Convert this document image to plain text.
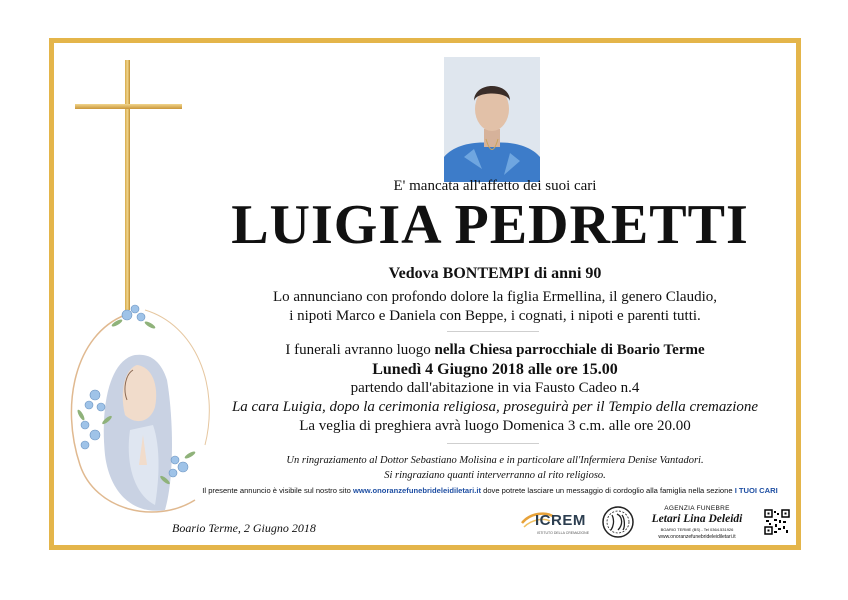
E' mancata all'affetto dei suoi cari
LUIGIA PEDRETTI
Vedova BONTEMPI di anni 90
Lo annunciano con profondo dolore la figlia Ermellina, il genero Claudio,
i nipoti Marco e Daniela con Beppe, i cognati, i nipoti e parenti tutti.
I funerali avranno luogo nella Chiesa parrocchiale di Boario Terme
Lunedì 4 Giugno 2018 alle ore 15.00
partendo dall'abitazione in via Fausto Cadeo n.4
La cara Luigia, dopo la cerimonia religiosa, proseguirà per il Tempio della cremazione
La veglia di preghiera avrà luogo Domenica 3 c.m. alle ore 20.00
Un ringraziamento al Dottor Sebastiano Molisina e in particolare all'Infermiera Denise Vantadori.
Si ringraziano quanti interverranno al rito religioso.
Il presente annuncio è visibile sul nostro sito www.onoranzefunebrideleidiletari.it dove potrete lasciare un messaggio di cordoglio alla famiglia nella sezione I TUOI CARI
Boario Terme, 2 Giugno 2018	ICREM
ISTITUTO DELLA CREMAZIONE
AGENZIA FUNEBRE
Letari Lina Deleidi
BOARIO TERME (BS) - Tel 0364.531926
www.onoranzefunebrideleidiletari.it
